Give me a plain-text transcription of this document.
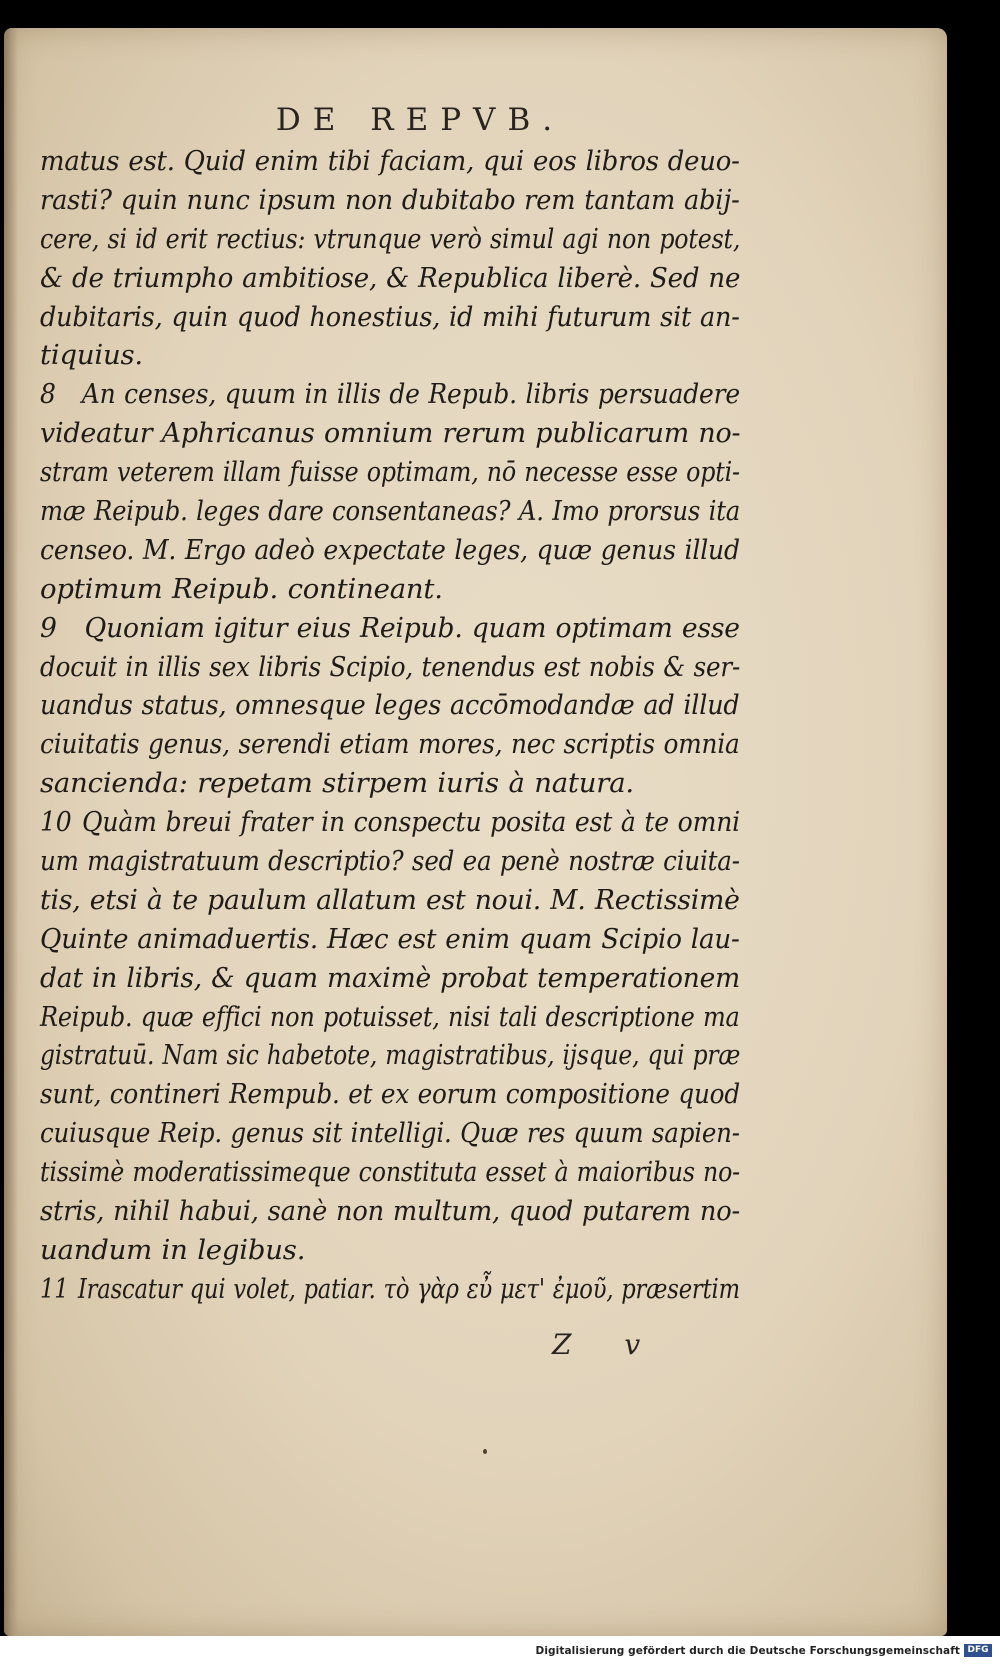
DE REPVB.
matus est. Quid enim tibi faciam, qui eos libros deuo-
rasti? quin nunc ipsum non dubitabo rem tantam abij-
cere, si id erit rectius: vtrunque verò simul agi non potest,
& de triumpho ambitiose, & Republica liberè. Sed ne
dubitaris, quin quod honestius, id mihi futurum sit an-
tiquius.
8 An censes, quum in illis de Repub. libris persuadere
videatur Aphricanus omnium rerum publicarum no-
stram veterem illam fuisse optimam, nō necesse esse opti-
mæ Reipub. leges dare consentaneas? A. Imo prorsus ita
censeo. M. Ergo adeò expectate leges, quæ genus illud
optimum Reipub. contineant.
9 Quoniam igitur eius Reipub. quam optimam esse
docuit in illis sex libris Scipio, tenendus est nobis & ser-
uandus status, omnesque leges accōmodandæ ad illud
ciuitatis genus, serendi etiam mores, nec scriptis omnia
sancienda: repetam stirpem iuris à natura.
10 Quàm breui frater in conspectu posita est à te omni
um magistratuum descriptio? sed ea penè nostræ ciuita-
tis, etsi à te paulum allatum est noui. M. Rectissimè
Quinte animaduertis. Hæc est enim quam Scipio lau-
dat in libris, & quam maximè probat temperationem
Reipub. quæ effici non potuisset, nisi tali descriptione ma
gistratuū. Nam sic habetote, magistratibus, ijsque, qui præ
sunt, contineri Rempub. et ex eorum compositione quod
cuiusque Reip. genus sit intelligi. Quæ res quum sapien-
tissimè moderatissimeque constituta esset à maioribus no-
stris, nihil habui, sanè non multum, quod putarem no-
uandum in legibus.
11 Irascatur qui volet, patiar. τὸ γὰρ εὖ μετ' ἐμοῦ, præsertim
Z v
Digitalisierung gefördert durch die Deutsche Forschungsgemeinschaft DFG
